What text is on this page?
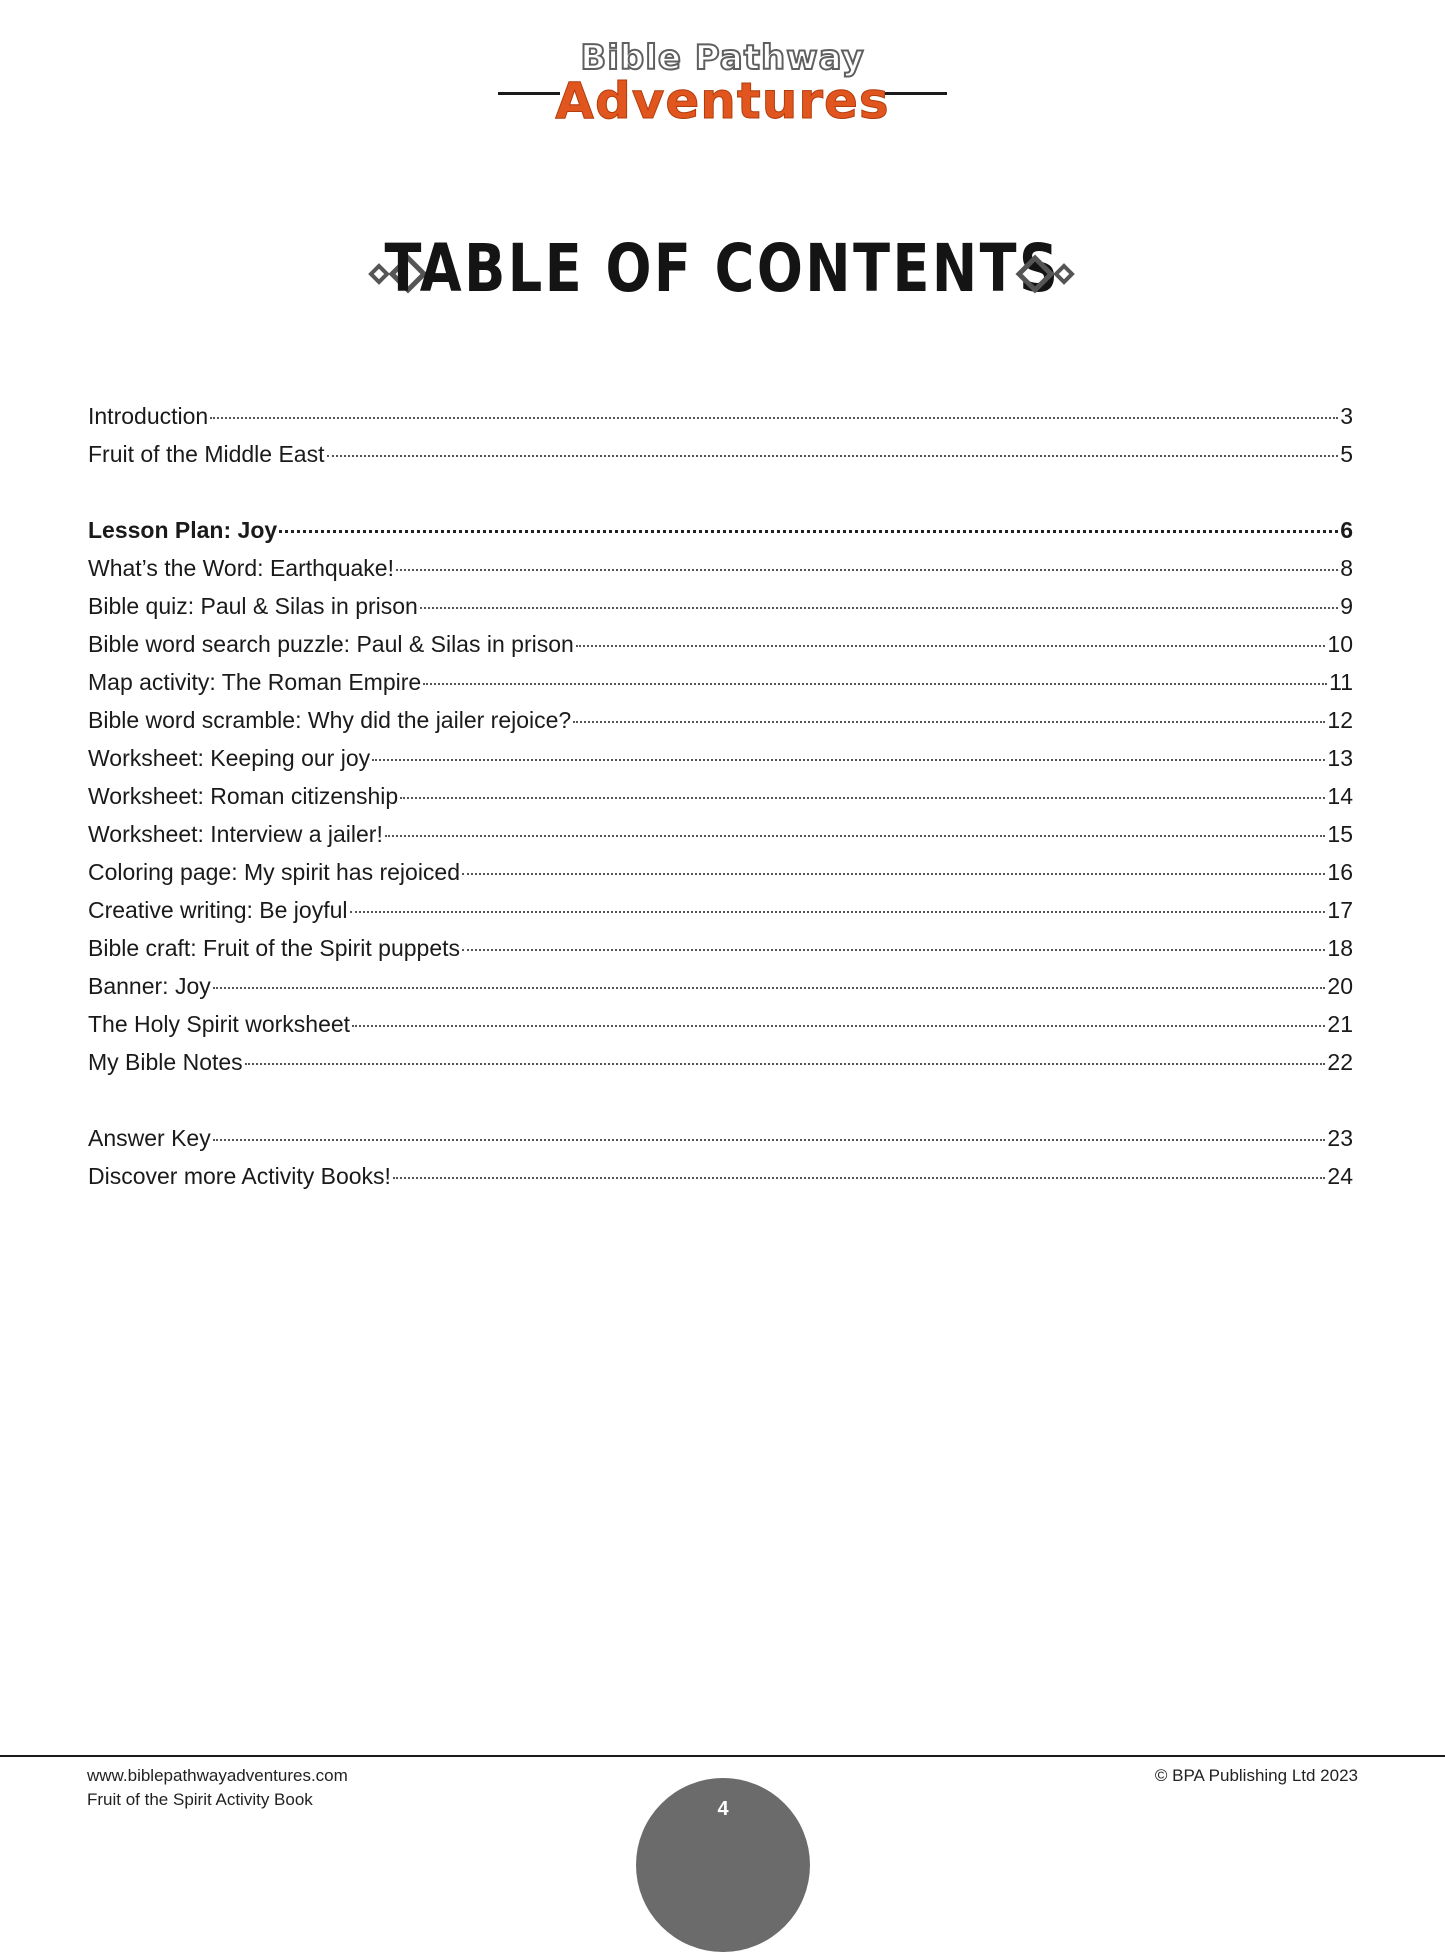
Bible Pathway
Adventures
TABLE OF CONTENTS
Introduction	3
Fruit of the Middle East	5
Lesson Plan: Joy	6
What’s the Word: Earthquake!	8
Bible quiz: Paul & Silas in prison	9
Bible word search puzzle: Paul & Silas in prison	10
Map activity: The Roman Empire	11
Bible word scramble: Why did the jailer rejoice?	12
Worksheet: Keeping our joy	13
Worksheet: Roman citizenship	14
Worksheet: Interview a jailer!	15
Coloring page: My spirit has rejoiced	16
Creative writing: Be joyful	17
Bible craft: Fruit of the Spirit puppets	18
Banner: Joy	20
The Holy Spirit worksheet	21
My Bible Notes	22
Answer Key	23
Discover more Activity Books!	24
www.biblepathwayadventures.com
Fruit of the Spirit Activity Book
© BPA Publishing Ltd 2023
4
